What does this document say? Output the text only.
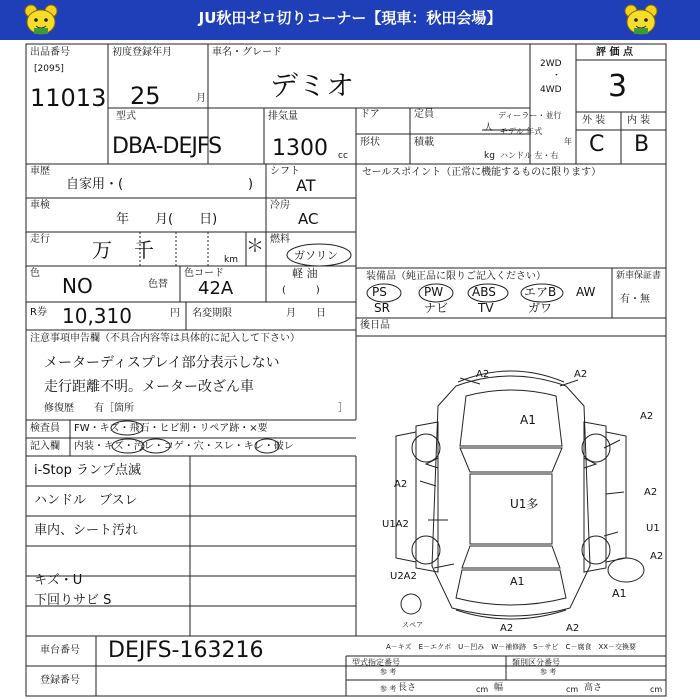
JU秋田ゼロ切りコーナー【現車：秋田会場】
出品番号
[2095]
11013
初度登録年月
25	月
車名・グレード
デミオ
2WD
・
4WD
評 価 点
3
型式
DBA-DEJFS
排気量
1300 cc
ドア	定員
人
形状	積載
kg
ディーラー・並行
モデル 年式
年
ハンドル 左・右
外 装 内 装
C B
車歴
自家用・(	)
シフト
AT
車検
年　　月(　　日)
冷房
AC
走行 万 千	km
＊ 燃料
ガソリン
軽 油
(　　　)
色
NO	色替
色コード
42A
R券 10,310	円 名変期限	月　　日
セールスポイント（正常に機能するものに限ります）
装備品（純正品に限りご記入ください）	新車保証書
有・無
PS	PW ABS エアB AW
SR	ナビ TV	ガワ
後日品
注意事項申告欄（不具合内容等は具体的に記入して下さい）
メーターディスプレイ部分表示しない
走行距離不明。メーター改ざん車
修復歴　　有［箇所	］
検査員 FW・キズ・飛石・ヒビ割・リペア跡・×要
記入欄 内装・キズ・汚レ・コゲ・穴・スレ・キレ・破レ
i-Stop ランプ点滅
ハンドル　ブスレ
車内、シート汚れ
キズ・U
下回りサビ S
A2	A2
A1	A2
A2
A2
U1
U1A2
A2
U1多
U2A2	A1
A1
A2	A2
スペア
A－キズ　E－エクボ　U－凹み　W－補修跡　S－サビ　C－腐食　XX－交換要
車台番号 DEJFS-163216
登録番号
型式指定番号	類別区分番号
参 考	参 考
参 考 長さ	cm 幅	cm 高さ	cm
